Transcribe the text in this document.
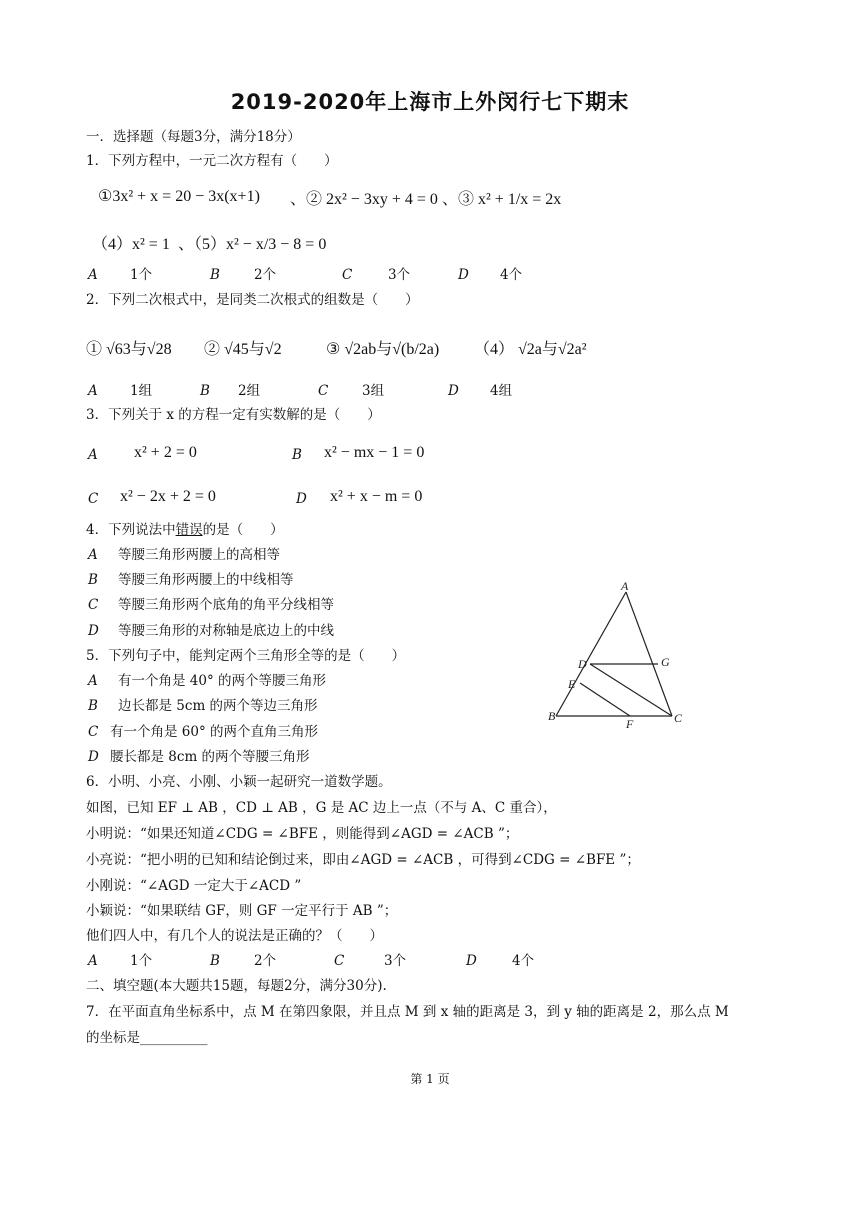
2019-2020年上海市上外闵行七下期末
一．选择题（每题3分，满分18分）
1．下列方程中，一元二次方程有（　　）
①3x² + x = 20 − 3x(x+1) 、② 2x² − 3xy + 4 = 0 、③ x² + 1/x = 2x
（4）x² = 1 、（5）x² − x/3 − 8 = 0
A 1个	B	2个	C	3个	D 4个
2．下列二次根式中，是同类二次根式的组数是（　　）
① √63与√28 ② √45与√2	③ √2ab与√(b/2a) （4） √2a与√2a²
A 1组	B 2组	C 3组	D 4组
3．下列关于 x 的方程一定有实数解的是（　　）
A x² + 2 = 0	B x² − mx − 1 = 0
C x² − 2x + 2 = 0	D x² + x − m = 0
4．下列说法中错误的是（　　）
A 等腰三角形两腰上的高相等
B 等腰三角形两腰上的中线相等
C 等腰三角形两个底角的角平分线相等
D 等腰三角形的对称轴是底边上的中线
5．下列句子中，能判定两个三角形全等的是（　　）
A 有一个角是 40° 的两个等腰三角形
B 边长都是 5cm 的两个等边三角形
C 有一个角是 60° 的两个直角三角形
D 腰长都是 8cm 的两个等腰三角形
A
B	C
D
E
F
G
6．小明、小亮、小刚、小颖一起研究一道数学题。
如图，已知 EF ⊥ AB ，CD ⊥ AB ，G 是 AC 边上一点（不与 A、C 重合），
小明说：“如果还知道∠CDG = ∠BFE ，则能得到∠AGD = ∠ACB ”；
小亮说：“把小明的已知和结论倒过来，即由∠AGD = ∠ACB ，可得到∠CDG = ∠BFE ”；
小刚说：“∠AGD 一定大于∠ACD ”
小颖说：“如果联结 GF，则 GF 一定平行于 AB ”；
他们四人中，有几个人的说法是正确的？（　　）
A 1个	B	2个	C	3个	D	4个
二、填空题(本大题共15题，每题2分，满分30分).
7．在平面直角坐标系中，点 M 在第四象限，并且点 M 到 x 轴的距离是 3，到 y 轴的距离是 2，那么点 M
的坐标是__________
第 1 页
